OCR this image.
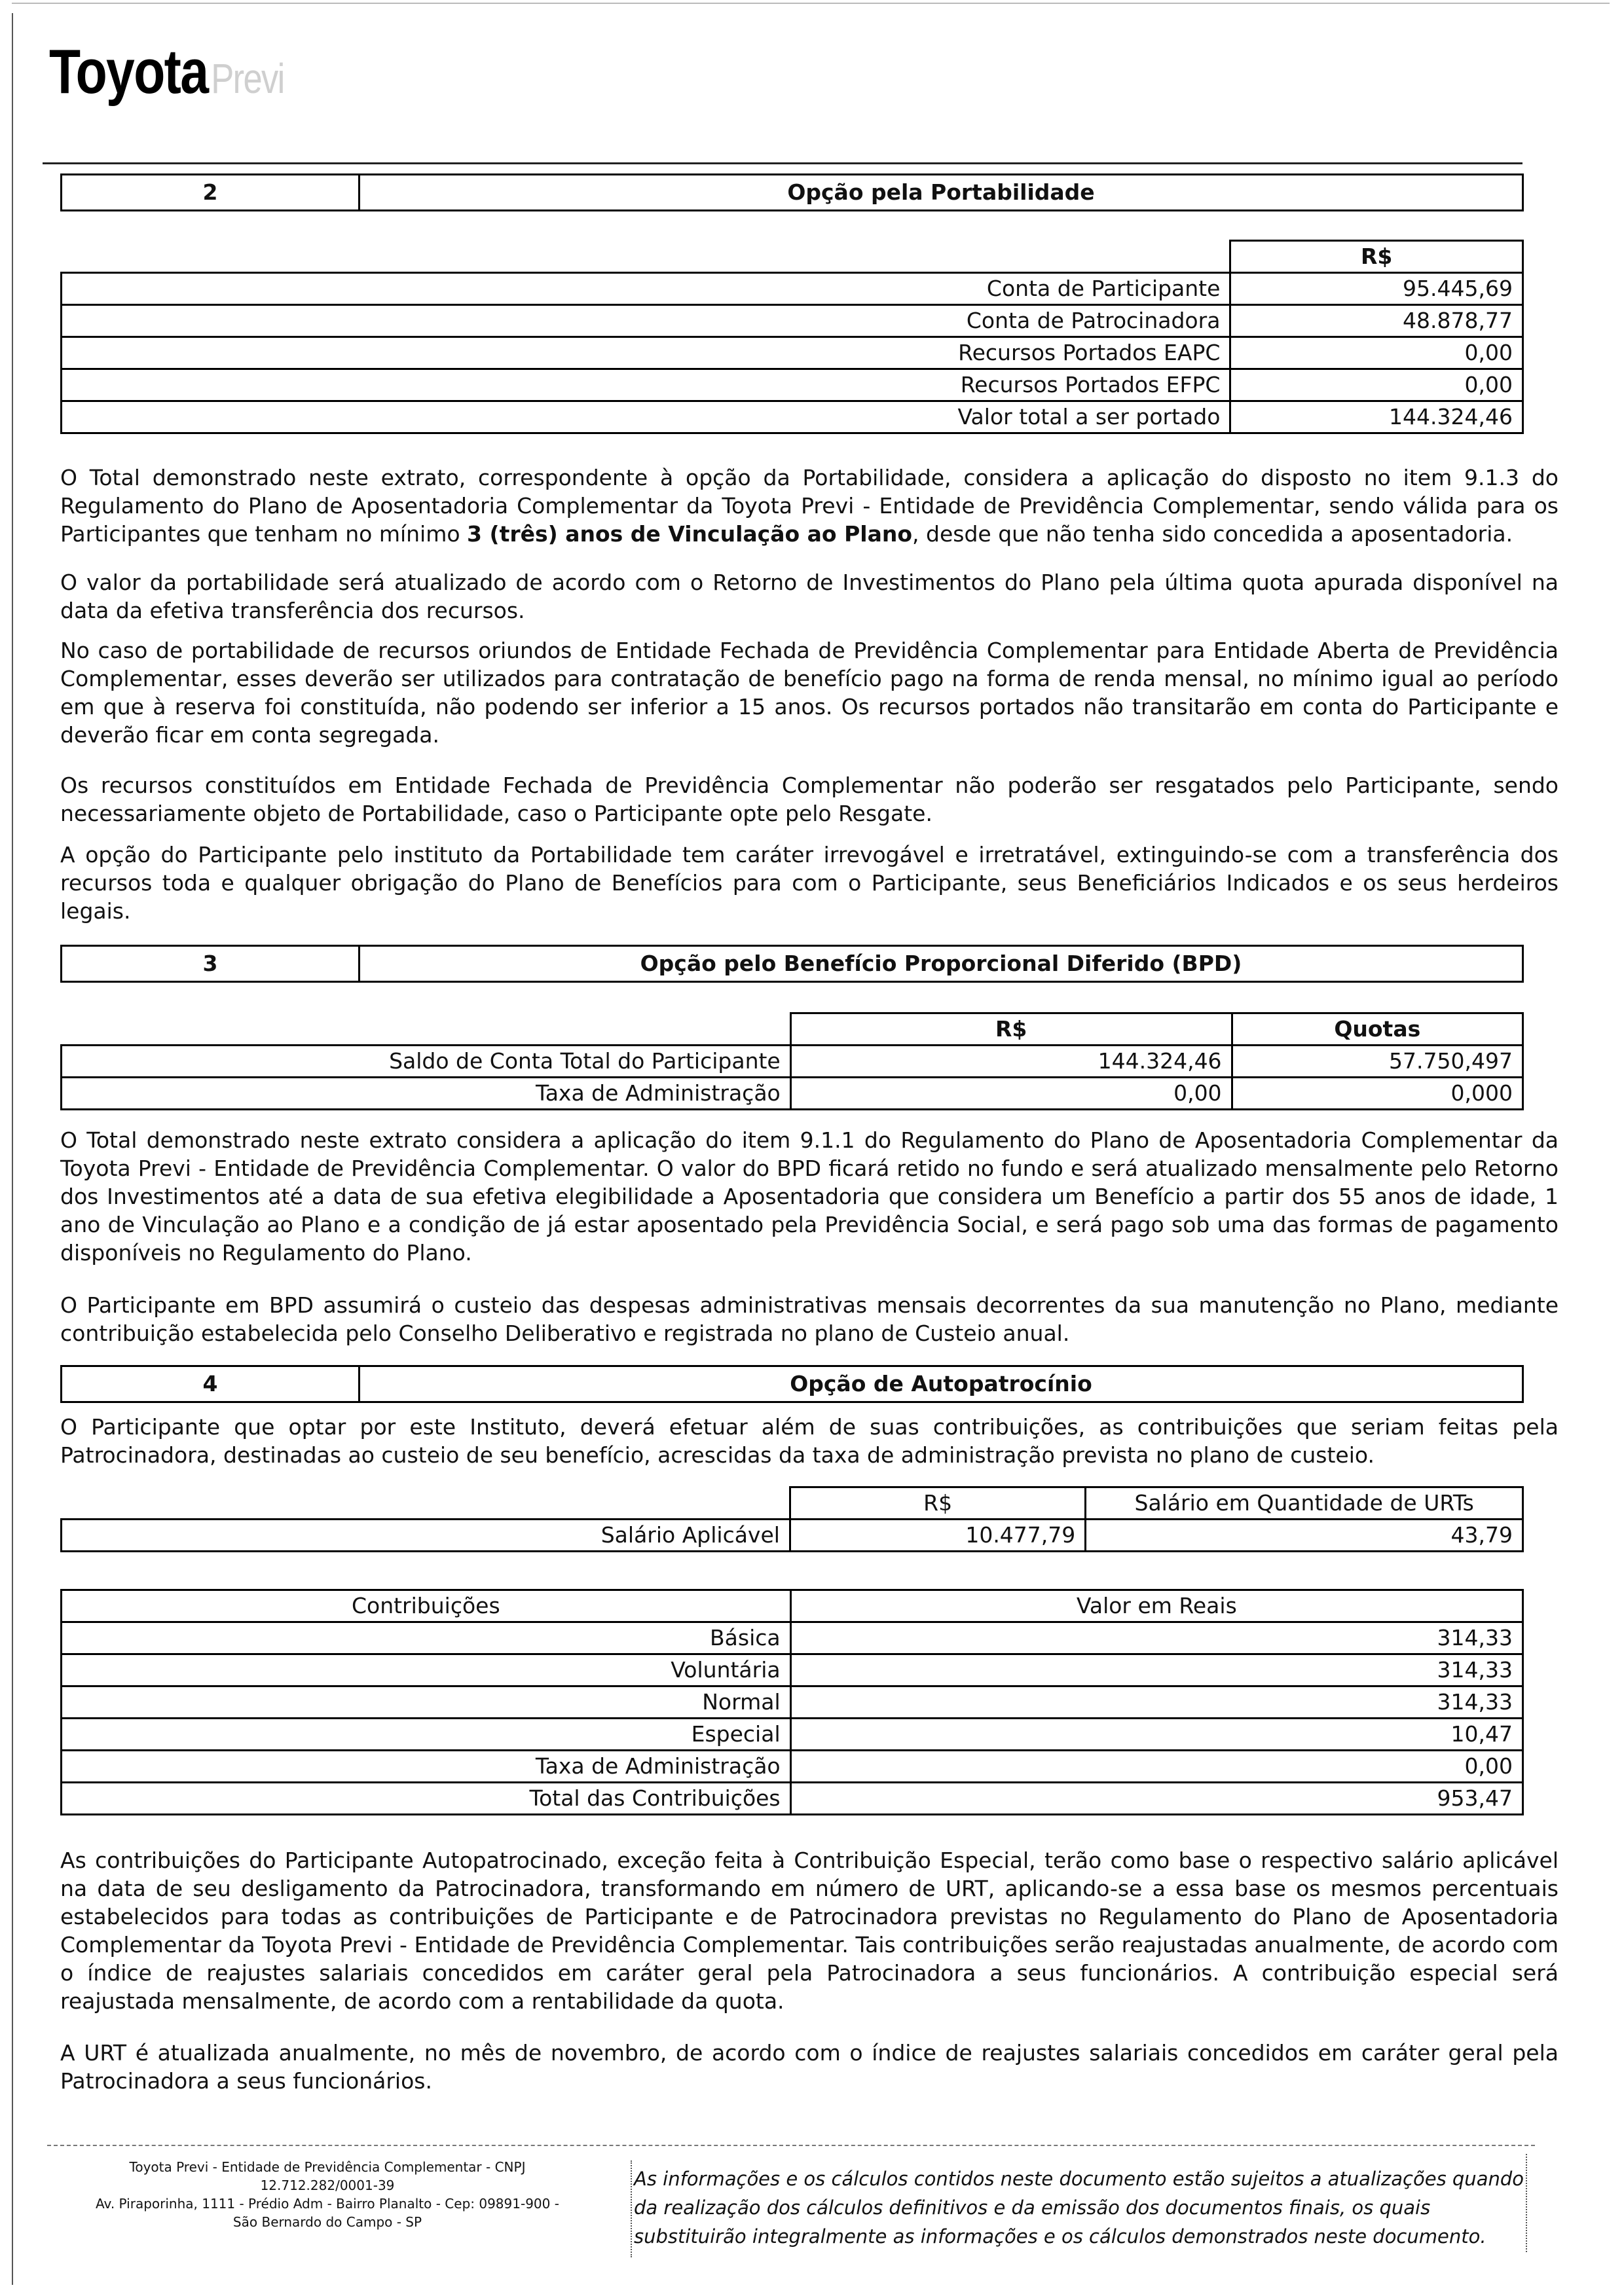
ToyotaPrevi
2	Opção pela Portabilidade
	R$
Conta de Participante	95.445,69
Conta de Patrocinadora	48.878,77
Recursos Portados EAPC	0,00
Recursos Portados EFPC	0,00
Valor total a ser portado	144.324,46
O Total demonstrado neste extrato, correspondente à opção da Portabilidade, considera a aplicação do disposto no item 9.1.3 do Regulamento do Plano de Aposentadoria Complementar da Toyota Previ - Entidade de Previdência Complementar, sendo válida para os Participantes que tenham no mínimo 3 (três) anos de Vinculação ao Plano, desde que não tenha sido concedida a aposentadoria.
O valor da portabilidade será atualizado de acordo com o Retorno de Investimentos do Plano pela última quota apurada disponível na data da efetiva transferência dos recursos.
No caso de portabilidade de recursos oriundos de Entidade Fechada de Previdência Complementar para Entidade Aberta de Previdência Complementar, esses deverão ser utilizados para contratação de benefício pago na forma de renda mensal, no mínimo igual ao período em que à reserva foi constituída, não podendo ser inferior a 15 anos. Os recursos portados não transitarão em conta do Participante e deverão ficar em conta segregada.
Os recursos constituídos em Entidade Fechada de Previdência Complementar não poderão ser resgatados pelo Participante, sendo necessariamente objeto de Portabilidade, caso o Participante opte pelo Resgate.
A opção do Participante pelo instituto da Portabilidade tem caráter irrevogável e irretratável, extinguindo-se com a transferência dos recursos toda e qualquer obrigação do Plano de Benefícios para com o Participante, seus Beneficiários Indicados e os seus herdeiros legais.
3	Opção pelo Benefício Proporcional Diferido (BPD)
	R$	Quotas
Saldo de Conta Total do Participante	144.324,46	57.750,497
Taxa de Administração	0,00	0,000
O Total demonstrado neste extrato considera a aplicação do item 9.1.1 do Regulamento do Plano de Aposentadoria Complementar da Toyota Previ - Entidade de Previdência Complementar. O valor do BPD ficará retido no fundo e será atualizado mensalmente pelo Retorno dos Investimentos até a data de sua efetiva elegibilidade a Aposentadoria que considera um Benefício a partir dos 55 anos de idade, 1 ano de Vinculação ao Plano e a condição de já estar aposentado pela Previdência Social, e será pago sob uma das formas de pagamento disponíveis no Regulamento do Plano.
O Participante em BPD assumirá o custeio das despesas administrativas mensais decorrentes da sua manutenção no Plano, mediante contribuição estabelecida pelo Conselho Deliberativo e registrada no plano de Custeio anual.
4	Opção de Autopatrocínio
O Participante que optar por este Instituto, deverá efetuar além de suas contribuições, as contribuições que seriam feitas pela Patrocinadora, destinadas ao custeio de seu benefício, acrescidas da taxa de administração prevista no plano de custeio.
	R$	Salário em Quantidade de URTs
Salário Aplicável	10.477,79	43,79
Contribuições	Valor em Reais
Básica	314,33
Voluntária	314,33
Normal	314,33
Especial	10,47
Taxa de Administração	0,00
Total das Contribuições	953,47
As contribuições do Participante Autopatrocinado, exceção feita à Contribuição Especial, terão como base o respectivo salário aplicável na data de seu desligamento da Patrocinadora, transformando em número de URT, aplicando-se a essa base os mesmos percentuais estabelecidos para todas as contribuições de Participante e de Patrocinadora previstas no Regulamento do Plano de Aposentadoria Complementar da Toyota Previ - Entidade de Previdência Complementar. Tais contribuições serão reajustadas anualmente, de acordo com o índice de reajustes salariais concedidos em caráter geral pela Patrocinadora a seus funcionários. A contribuição especial será reajustada mensalmente, de acordo com a rentabilidade da quota.
A URT é atualizada anualmente, no mês de novembro, de acordo com o índice de reajustes salariais concedidos em caráter geral pela Patrocinadora a seus funcionários.
Toyota Previ - Entidade de Previdência Complementar - CNPJ
12.712.282/0001-39
Av. Piraporinha, 1111 - Prédio Adm - Bairro Planalto - Cep: 09891-900 -
São Bernardo do Campo - SP
As informações e os cálculos contidos neste documento estão sujeitos a atualizações quando da realização dos cálculos definitivos e da emissão dos documentos finais, os quais substituirão integralmente as informações e os cálculos demonstrados neste documento.
